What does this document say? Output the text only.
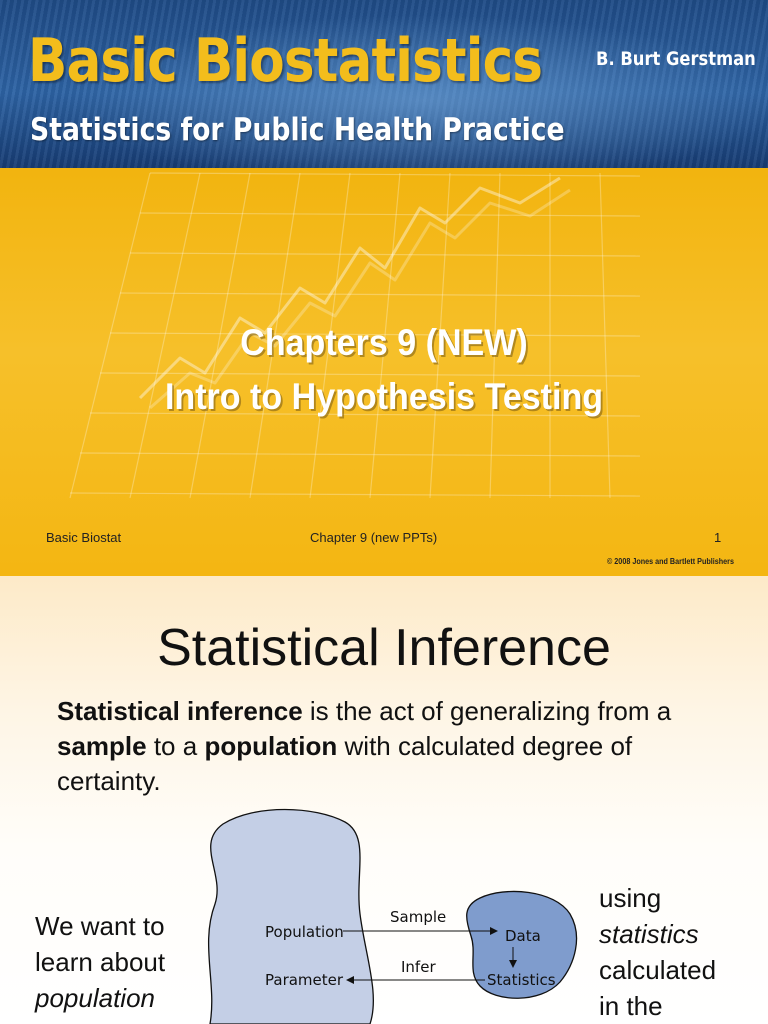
Basic Biostatistics
Statistics for Public Health Practice
B. Burt Gerstman
Chapters 9 (NEW)
Intro to Hypothesis Testing
Basic Biostat	Chapter 9 (new PPTs)	1
© 2008 Jones and Bartlett Publishers
Statistical Inference
Statistical inference is the act of generalizing from a sample to a population with calculated degree of certainty.
Population
Parameter
Sample
Infer
Data
Statistics
We want to
learn about
population
using
statistics
calculated
in the
